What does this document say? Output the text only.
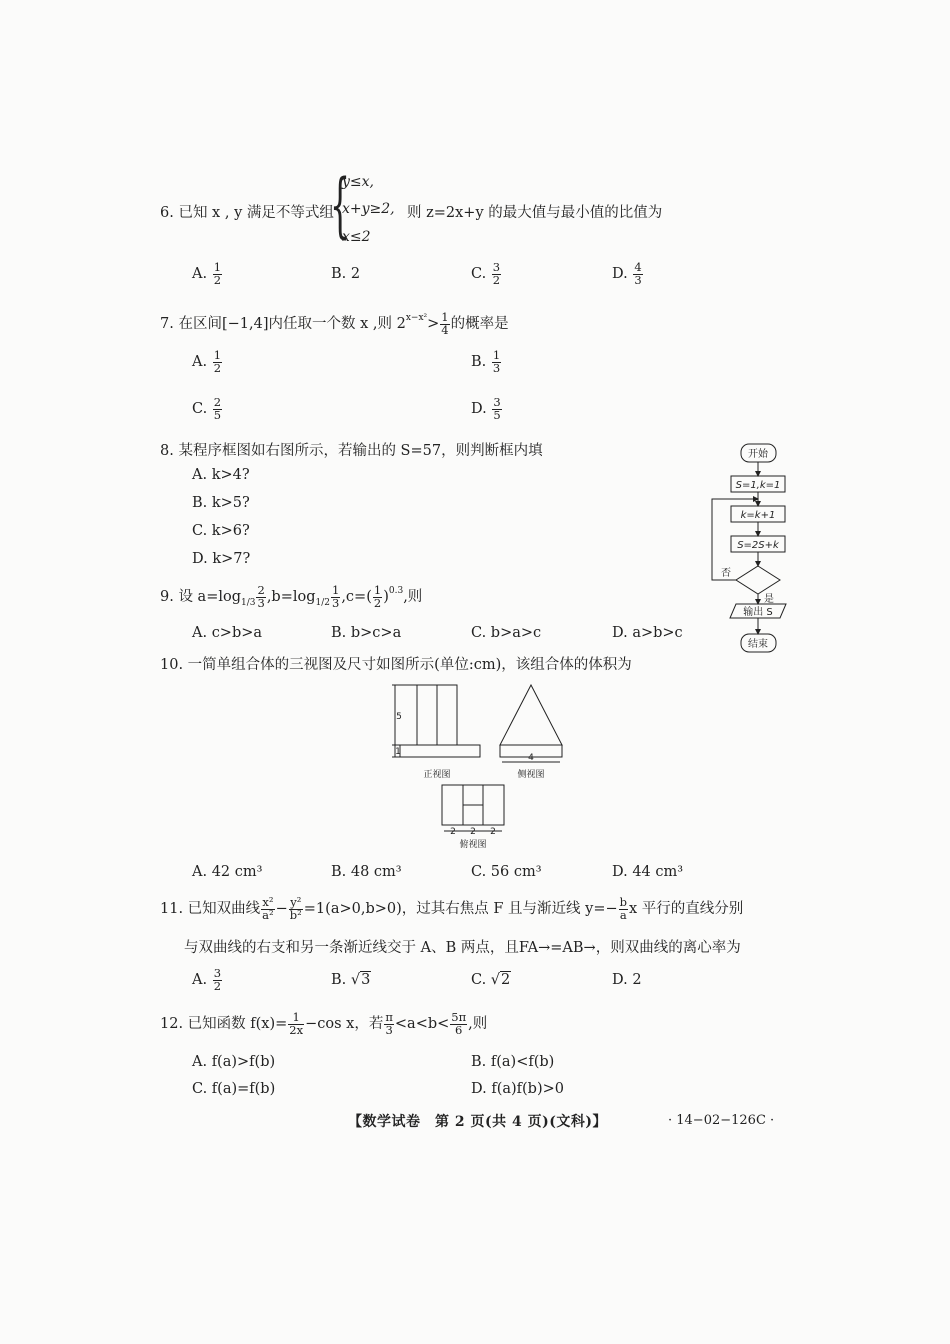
6. 已知 x , y 满足不等式组
{
y≤x,
x+y≥2,
x≤2
则 z=2x+y 的最大值与最小值的比值为
A. $\frac{1}{2}$	B. 2	C. $\frac{3}{2}$	D. $\frac{4}{3}$
7. 在区间[−1,4]内任取一个数 x ,则 $2^{x-x^2}> \frac{1}{4}$ 的概率是
A. $\frac{1}{2}$	B. $\frac{1}{3}$
C. $\frac{2}{5}$	D. $\frac{3}{5}$
8. 某程序框图如右图所示，若输出的 S=57，则判断框内填
A. k>4?
B. k>5?
C. k>6?
D. k>7?
开始
S=1,k=1
k=k+1
S=2S+k
否
是
输出 S
结束
9. 设 $a=\log_{1/3} \frac{2}{3} ,b=\log_{1/2} \frac{1}{3} ,c=( \frac{1}{2} )^{0.3}$,则
A. c>b>a	B. b>c>a	C. b>a>c	D. a>b>c
10. 一简单组合体的三视图及尺寸如图所示(单位:cm)，该组合体的体积为
5
1
4
2 2 2
正视图	侧视图
俯视图
A. 42 cm³	B. 48 cm³	C. 56 cm³	D. 44 cm³
11. 已知双曲线 $\frac{\text{x²}}{\text{a²}} - \frac{\text{y²}}{\text{b²}} =1(a>0,b>0)$，过其右焦点 F 且与渐近线 $y=- \frac{b}{a}$ x 平行的直线分别
与双曲线的右支和另一条渐近线交于 A、B 两点，且FA→=AB→，则双曲线的离心率为
A. $\frac{3}{2}$	B. √3	C. √2	D. 2
12. 已知函数 $f(x)= \frac{1}{2x} -\cos$ x，若 $\frac{\pi}{3} <a<b< \frac{5\pi}{6}$ ,则
A. f(a)>f(b)	B. f(a)<f(b)
C. f(a)=f(b)	D. f(a)f(b)>0
【数学试卷　第 2 页(共 4 页)(文科)】	· 14−02−126C ·
